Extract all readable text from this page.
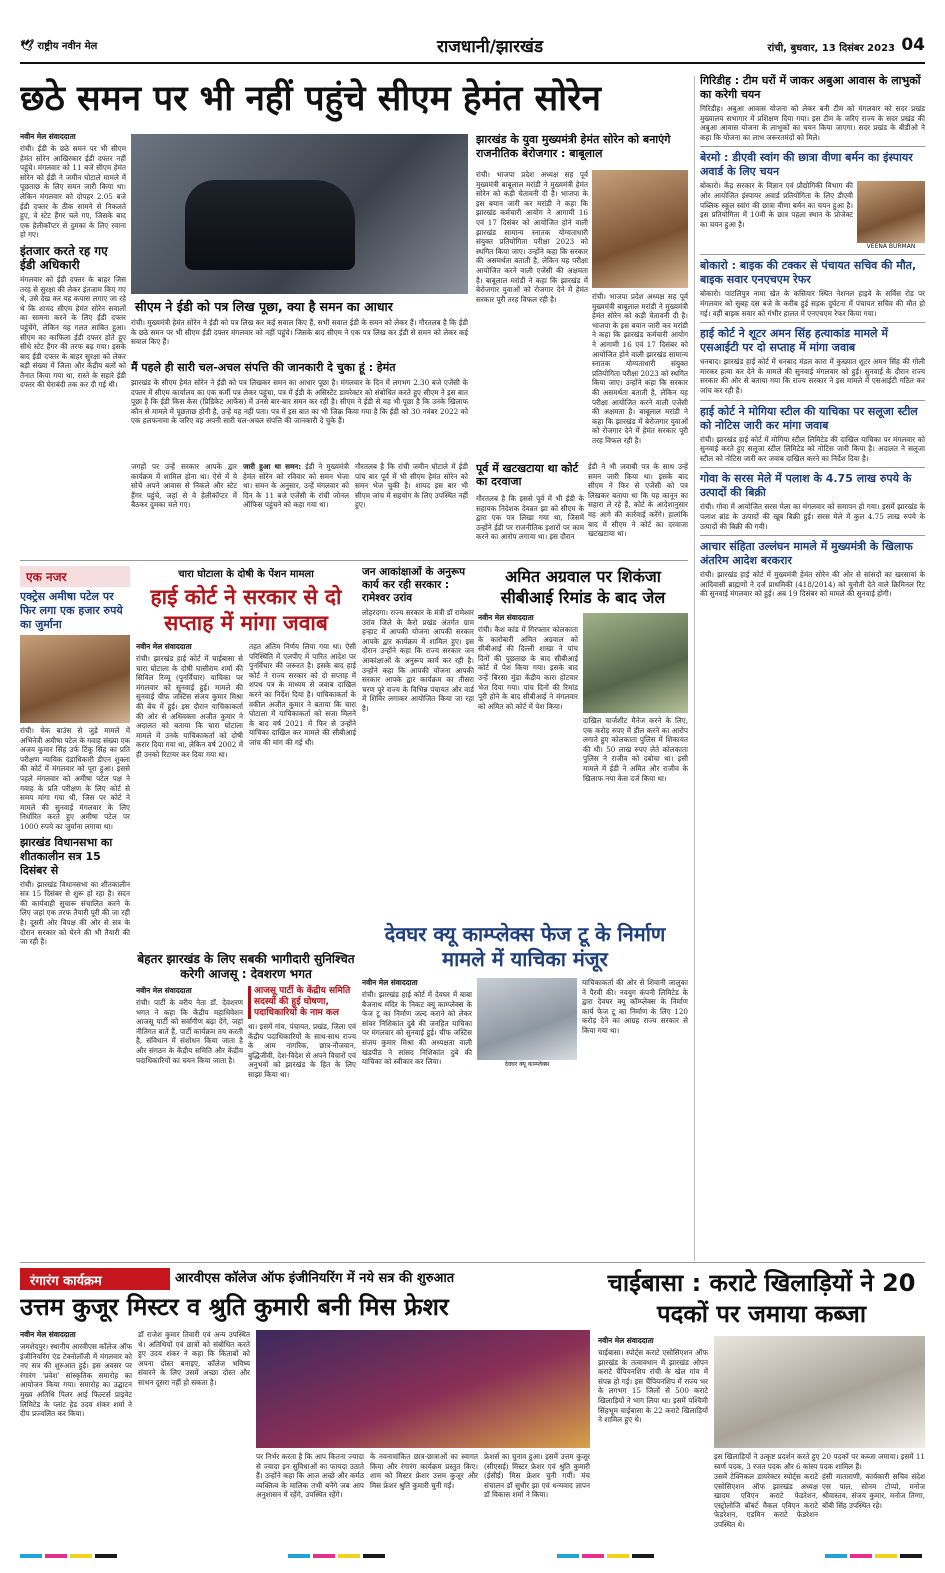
🕊 राष्ट्रीय नवीन मेल	राजधानी/झारखंड	रांची, बुधवार, 13 दिसंबर 2023 04
छठे समन पर भी नहीं पहुंचे सीएम हेमंत सोरेन
नवीन मेल संवाददाता

रांची। ईडी के छठे समन पर भी सीएम हेमंत सोरेन आखिरकार ईडी दफ्तर नहीं पहुंचे। मंगलवार को 11 बजे सीएम हेमंत सोरेन को ईडी ने जमीन घोटाले मामले में पूछताछ के लिए समन जारी किया था। लेकिन मंगलवार को दोपहर 2.05 बजे ईडी दफ्तर के ठीक सामने से निकलते हुए, वे स्टेट हैंगर चले गए, जिसके बाद एक हेलीकॉप्टर से दुमका के लिए रवाना हो गए।

इंतजार करते रह गए ईडी अधिकारी

मंगलवार को ईडी दफ्तर के बाहर जिस तरह से सुरक्षा की लेकर इंतजाम किए गए थे, उसे देख कर यह कयास लगाए जा रहे थे कि शायद सीएम हेमंत सोरेन सवालों का सामना करने के लिए ईडी दफ्तर पहुंचेंगे, लेकिन यह गलत साबित हुआ। सीएम का काफिला ईडी दफ्तर होते हुए सीधे स्टेट हैंगर की तरफ बढ़ गया। इसके बाद ईडी दफ्तर के बाहर सुरक्षा को लेकर बड़ी संख्या में जिला और केंद्रीय बलों को तैनात किया गया था, रास्ते के सहारे ईडी दफ्तर की घेराबंदी तक कर दी गई थी।

सीएम ने ईडी को पत्र लिख पूछा, क्या है समन का आधार
रांची। मुख्यमंत्री हेमंत सोरेन ने ईडी को पत्र लिख कर कई सवाल किए हैं, सभी सवाल ईडी के समन को लेकर हैं। गौरतलब है कि ईडी के छठे समन पर भी सीएम ईडी दफ्तर मंगलवार को नहीं पहुंचे। जिसके बाद सीएम ने एक पत्र लिख कर ईडी से समन को लेकर कई सवाल किए हैं।
मैं पहले ही सारी चल-अचल संपत्ति की जानकारी दे चुका हूं : हेमंत
झारखंड के सीएम हेमंत सोरेन ने ईडी को पत्र लिखकर समन का आधार पूछा है। मंगलवार के दिन में लगभग 2.30 बजे एजेंसी के दफ्तर में सीएम कार्यालय का एक कर्मी पत्र लेकर पहुंचा, पत्र में ईडी के असिस्टेंट डायरेक्टर को संबोधित करते हुए सीएम ने इस बात पूछा है कि ईडी किस केस (प्रिडिकेट आफेंस) में उनसे बार-बार समन कर रही है। सीएम ने ईडी से यह भी पूछा है कि उनके खिलाफ कौन से मामले में पूछताछ होनी है, उन्हें यह नहीं पता। पत्र में इस बात का भी जिक्र किया गया है कि ईडी को 30 नवंबर 2022 को एक हलफनामा के जरिए वह अपनी सारी चल-अचल संपत्ति की जानकारी दे चुके हैं।
जगहों पर उन्हें सरकार आपके द्वार कार्यक्रम में शामिल होना था। ऐसे में ये सोचें अपने आवास से निकले और स्टेट हैंगर पहुंचे, जहां से वे हेलीकॉप्टर में बैठकर दुमका चले गए।
जारी हुआ था समन: ईडी ने मुख्यमंत्री हेमंत सोरेन को रविवार को समन भेजा था। समन के अनुसार, उन्हें मंगलवार को दिन के 11 बजे एजेंसी के रांची जोनल ऑफिस पहुंचने को कहा गया था।
गौरतलब है कि रांची जमीन घोटाले में ईडी पांच बार पूर्व में भी सीएम हेमंत सोरेन को समन भेज चुकी है। शायद इस बार भी सीएम जांच में सहयोग के लिए उपस्थित नहीं हुए।
झारखंड के युवा मुख्यमंत्री हेमंत सोरेन को बनाएंगे राजनीतिक बेरोजगार : बाबूलाल
रांची। भाजपा प्रदेश अध्यक्ष सह पूर्व मुख्यमंत्री बाबूलाल मरांडी ने मुख्यमंत्री हेमंत सोरेन को कड़ी चेतावनी दी है। भाजपा के इस बयान जारी कर मरांडी ने कहा कि झारखंड कर्मचारी आयोग ने आगामी 16 एवं 17 दिसंबर को आयोजित होने वाली झारखंड सामान्य स्नातक योग्यताधारी संयुक्त प्रतियोगिता परीक्षा 2023 को स्थगित किया जाए। उन्होंने कहा कि सरकार की असमर्थता बताती है, लेकिन यह परीक्षा आयोजित करने वाली एजेंसी की अक्षमता है। बाबूलाल मरांडी ने कहा कि झारखंड में बेरोजगार युवाओं को रोजगार देने में हेमंत सरकार पूरी तरह विफल रही है।	रांची। भाजपा प्रदेश अध्यक्ष सह पूर्व मुख्यमंत्री बाबूलाल मरांडी ने मुख्यमंत्री हेमंत सोरेन को कड़ी चेतावनी दी है। भाजपा के इस बयान जारी कर मरांडी ने कहा कि झारखंड कर्मचारी आयोग ने आगामी 16 एवं 17 दिसंबर को आयोजित होने वाली झारखंड सामान्य स्नातक योग्यताधारी संयुक्त प्रतियोगिता परीक्षा 2023 को स्थगित किया जाए। उन्होंने कहा कि सरकार की असमर्थता बताती है, लेकिन यह परीक्षा आयोजित करने वाली एजेंसी की अक्षमता है। बाबूलाल मरांडी ने कहा कि झारखंड में बेरोजगार युवाओं को रोजगार देने में हेमंत सरकार पूरी तरह विफल रही है।
पूर्व में खटखटाया था कोर्ट का दरवाजा
गौरतलब है कि इससे पूर्व में भी ईडी के सहायक निदेशक देवव्रत झा को सीएम के द्वारा एक पत्र लिखा गया था, जिसमें उन्होंने ईडी पर राजनीतिक इशारों पर काम करने का आरोप लगाया था। इस दौरान
ईडी ने भी जवाबी पत्र के साथ उन्हें समन जारी किया था। इसके बाद सीएम ने फिर से एजेंसी को पत्र लिखकर बताया था कि यह कानून का सहारा ले रहे हैं, कोर्ट के आदेशानुसार वह आगे की कार्रवाई करेंगे। हालांकि बाद में सीएम ने कोर्ट का दरवाजा खटखटाया था।
गिरिडीह : टीम घरों में जाकर अबुआ आवास के लाभुकों का करेगी चयन

गिरिडीह। अबुआ आवास योजना को लेकर बनी टीम को मंगलवार को सदर प्रखंड मुख्यालय सभागार में प्रशिक्षण दिया गया। इस टीम के जरिए राज्य के सदर प्रखंड की अबुआ आवास योजना के लाभुकों का चयन किया जाएगा। सदर प्रखंड के बीडीओ ने कहा कि योजना का लाभ जरूरतमंदों को मिले।

बेरमो : डीएवी स्वांग की छात्रा वीणा बर्मन का इंस्पायर अवार्ड के लिए चयन

बोकारो। केंद्र सरकार के विज्ञान एवं प्रौद्योगिकी विभाग की ओर आयोजित इंस्पायर अवार्ड प्रतियोगिता के लिए डीएवी पब्लिक स्कूल स्वांग की छात्रा वीणा बर्मन का चयन हुआ है। इस प्रतियोगिता में 10वीं के छात्र पहला स्थान के प्रोजेक्ट का चयन हुआ है।

VEENA BURMAN
बोकारो : बाइक की टक्कर से पंचायत सचिव की मौत, बाइक सवार एनएचएम रेफर

बोकारो। पाटलिपुत्र नामा खेत के कसियार स्थित नेशनल हाइवे के सर्विस रोड पर मंगलवार को सुबह दस बजे के करीब हुई सड़क दुर्घटना में पंचायत सचिव की मौत हो गई। वहीं बाइक सवार को गंभीर हालत में एनएचएम रेफर किया गया।

हाई कोर्ट ने शूटर अमन सिंह हत्याकांड मामले में एसआईटी पर दो सप्ताह में मांगा जवाब

धनबाद। झारखंड हाई कोर्ट में धनबाद मंडल कारा में कुख्यात शूटर अमन सिंह की गोली मारकर हत्या कर देने के मामले की सुनवाई मंगलवार को हुई। सुनवाई के दौरान राज्य सरकार की ओर से बताया गया कि राज्य सरकार ने इस मामले में एसआईटी गठित कर जांच कर रही है।

हाई कोर्ट ने मोगिया स्टील की याचिका पर सलूजा स्टील को नोटिस जारी कर मांगा जवाब

रांची। झारखंड हाई कोर्ट में मोगिया स्टील लिमिटेड की दाखिल याचिका पर मंगलवार को सुनवाई करते हुए सलूजा स्टील लिमिटेड को नोटिस जारी किया है। अदालत ने सलूजा स्टील को नोटिस जारी कर जवाब दाखिल करने का निर्देश दिया है।

गोवा के सरस मेले में पलाश के 4.75 लाख रुपये के उत्पादों की बिक्री

रांची। गोवा में आयोजित सरस मेला का मंगलवार को समापन हो गया। इसमें झारखंड के पलाश ब्रांड के उत्पादों की खूब बिक्री हुई। सरस मेले में कुल 4.75 लाख रुपये के उत्पादों की बिक्री की गयी।

आचार संहिता उल्लंघन मामले में मुख्यमंत्री के खिलाफ अंतरिम आदेश बरकरार

रांची। झारखंड हाई कोर्ट में मुख्यमंत्री हेमंत सोरेन की ओर से सांसदों का खरसावां के आदिवासी ब्राह्मणों ने दर्ज प्राथमिकी (418/2014) को चुनौती देते वाले क्रिमिनल रिट की सुनवाई मंगलवार को हुई। अब 19 दिसंबर को मामले की सुनवाई होगी।

एक नजर
एक्ट्रेस अमीषा पटेल पर फिर लगा एक हजार रुपये का जुर्माना

रांची। चेक बाउंस से जुड़े मामले में अभिनेत्री अमीषा पटेल के गवाह संख्या एक अजय कुमार सिंह उर्फ टिंकू सिंह का प्रति परीक्षण न्यायिक दंडाधिकारी डीएन शुक्ला की कोर्ट में मंगलवार को पूरा हुआ। इससे पहले मंगलवार को अमीषा पटेल पक्ष ने गवाह के प्रति परीक्षण के लिए कोर्ट से समय मांगा गया थी, जिस पर कोर्ट ने मामले की सुनवाई मंगलवार के लिए निर्धारित करते हुए अमीषा पटेल पर 1000 रुपये का जुर्माना लगाया था।

झारखंड विधानसभा का शीतकालीन सत्र 15 दिसंबर से

रांची। झारखंड विधानसभा का शीतकालीन सत्र 15 दिसंबर से शुरू हो रहा है। सदन की कार्यवाही सुचारू संचालित करने के लिए जहां एक तरफ तैयारी पूरी की जा रही है। दूसरी ओर विपक्ष की ओर से सत्र के दौरान सरकार को घेरने की भी तैयारी की जा रही है।

चारा घोटाला के दोषी के पेंशन मामला
हाई कोर्ट ने सरकार से दो सप्ताह में मांगा जवाब
नवीन मेल संवाददाता

रांची। झारखंड हाई कोर्ट में चाईबासा से चारा घोटाला के दोषी घासीराम शर्मा की सिविल रिव्यू (पुनर्विचार) याचिका पर मंगलवार को सुनवाई हुई। मामले की सुनवाई चीफ जस्टिस संजय कुमार मिश्रा की बेंच में हुई। इस दौरान याचिकाकर्ता की ओर से अधिवक्ता अजीत कुमार ने अदालत को बताया कि चारा घोटाला मामले में उनके याचिकाकर्ता को दोषी करार दिया गया था, लेकिन वर्ष 2002 में ही उनको रिटायर कर दिया गया था।

तहत अंतिम निर्णय लिया गया था। ऐसी परिस्थिति में एलपीए में पारित आदेश पर पुनर्विचार की जरूरत है। इसके बाद हाई कोर्ट ने राज्य सरकार को दो सप्ताह में शपथ पत्र के माध्यम से जवाब दाखिल करने का निर्देश दिया है। याचिकाकर्ता के वकील अजीत कुमार ने बताया कि चारा घोटाला में याचिकाकर्ता को सजा मिलने के बाद वर्ष 2021 में फिर से उन्होंने याचिका दाखिल कर मामले की सीबीआई जांच की मांग की गई थी।

जन आकांक्षाओं के अनुरूप कार्य कर रही सरकार : रामेश्वर उरांव

लोहरदगा। राज्य सरकार के मंत्री डॉ रामेश्वर उरांव जिले के कैरो प्रखंड अंतर्गत ग्राम हन्हाट में आपकी योजना आपकी सरकार आपके द्वार कार्यक्रम में शामिल हुए। इस दौरान उन्होंने कहा कि राज्य सरकार जन आकांक्षाओं के अनुरूप कार्य कर रही है। उन्होंने कहा कि आपकी योजना आपकी सरकार आपके द्वार कार्यक्रम का तीसरा चरण पूरे राज्य के विभिन्न पंचायत और वार्ड में शिविर लगाकर आयोजित किया जा रहा है।

अमित अग्रवाल पर शिकंजा सीबीआई रिमांड के बाद जेल
नवीन मेल संवाददाता

रांची। कैश कांड में गिरफ्तार कोलकाता के कारोबारी अमित अग्रवाल को सीबीआई की दिल्ली शाखा ने पांच दिनों की पूछताछ के बाद सीबीआई कोर्ट में पेश किया गया। इसके बाद उन्हें बिरसा मुंडा केंद्रीय कारा होटवार भेज दिया गया। पांच दिनों की रिमांड पूरी होने के बाद सीबीआई ने मंगलवार को अमित को कोर्ट में पेश किया।

दाखिल चार्जशीट मैनेज करने के लिए, एक करोड़ रुपए में डील करने का आरोप लगाते हुए कोलकाता पुलिस में शिकायत की थी। 50 लाख रुपए लेते कोलकाता पुलिस ने राजीव को दबोचा था। इसी मामले में ईडी ने अमित और राजीव के खिलाफ नया केस दर्ज किया था।

देवघर क्यू काम्प्लेक्स फेज टू के निर्माण मामले में याचिका मंजूर
नवीन मेल संवाददाता

रांची। झारखंड हाई कोर्ट में देवघर में बाबा बैजनाथ मंदिर के निकट क्यू काम्प्लेक्स के फेज टू का निर्माण जल्द कराने को लेकर सांवर निशिकांत दुबे की जनहित याचिका पर मंगलवार को सुनवाई हुई। चीफ जस्टिस संजय कुमार मिश्रा की अध्यक्षता वाली खंडपीठ ने सांसद निशिकांत दुबे की याचिका को स्वीकार कर लिया।	देवघर क्यू काम्प्लेक्स

याचिकाकर्ता की ओर से शिवानी जालुका ने पैरवी की। नवयुग कंपनी लिमिटेड के द्वारा देवघर क्यू कॉम्प्लेक्स के निर्माण कार्य फेज टू का निर्माण के लिए 120 करोड़ देने का आग्रह राज्य सरकार से किया गया था।

बेहतर झारखंड के लिए सबकी भागीदारी सुनिश्चित करेगी आजसू : देवशरण भगत
नवीन मेल संवाददाता

रांची। पार्टी के वरीय नेता डॉ. देवशरण भगत ने कहा कि केंद्रीय महाधिवेशन आजसू पार्टी को सर्वांगीण बढ़ा देंगे, जहां नीतिगत बातें हैं, पार्टी कार्यक्रम तय करती है, संविधान में संशोधन किया जाता है और संगठन के केंद्रीय समिति और केंद्रीय पदाधिकारियों का चयन किया जाता है।

आजसू पार्टी के केंद्रीय समिति सदस्यों की हुई घोषणा, पदाधिकारियों के नाम कल

था। इसमें गांव, पंचायत, प्रखंड, जिला एवं केंद्रीय पदाधिकारियों के साथ-साथ राज्य के आम नागरिक, छात्र-नौजवान, बुद्धिजीवी, देश-विदेश से अपने विचारों एवं अनुभवों को झारखंड के हित के लिए साझा किया था।

रंगारंग कार्यक्रम	आरवीएस कॉलेज ऑफ इंजीनियरिंग में नये सत्र की शुरुआत
उत्तम कुजूर मिस्टर व श्रुति कुमारी बनी मिस फ्रेशर
नवीन मेल संवाददाता

जमशेदपुर। स्थानीय आरवीएस कॉलेज ऑफ इंजीनियरिंग एंड टेक्नोलॉजी में मंगलवार को नए सत्र की शुरुआत हुई। इस अवसर पर रंगारंग 'प्रवेश' सांस्कृतिक समारोह का आयोजन किया गया। समारोह का उद्घाटन मुख्य अतिथि पिलर आई फिल्टर्स प्राइवेट लिमिटेड के प्लांट हेड उदय शंकर शर्मा ने दीप प्रज्वलित कर किया।

डॉ राजेश कुमार तिवारी एवं अन्य उपस्थित थे। अतिथियों एवं छात्रों को संबोधित करते हुए उदय शंकर ने कहा कि किताबों को अपना दोस्त बनाइए, कॉलेज भविष्य संवारने के लिए उसमें अच्छा दोस्त और साथन दूसरा नहीं हो सकता है।

पर निर्भर करता है कि आप कितना ज्यादा से ज्यादा इन सुविधाओं का फायदा उठाते हैं। उन्होंने कहा कि आज अच्छे और कर्मठ व्यक्तित्व के मालिक तभी बनेंगे जब आप अनुशासन में रहेंगे, उपस्थित रहेंगे।
के नवनामांकित छात्र-छात्राओं का स्वागत किया और रंगारंग कार्यक्रम प्रस्तुत किए। शाम को मिस्टर फ्रेशर उत्तम कुजूर और मिस फ्रेशर श्रुति कुमारी चुनी गईं।
फ्रेशर्स का चुनाव हुआ। इसमें उत्तम कुजूर (सीएसई) मिस्टर फ्रेशर एवं श्रुति कुमारी (ईसीई) मिस फ्रेशर चुनी गयीं। मंच संचालन डॉ सुधीर झा एवं धन्यवाद ज्ञापन डॉ विकास शर्मा ने किया।
चाईबासा : कराटे खिलाड़ियों ने 20 पदकों पर जमाया कब्जा
नवीन मेल संवाददाता

चाईबासा। स्पोर्ट्स कराटे एसोसिएशन ऑफ झारखंड के तत्वावधान में झारखंड ओपन कराटे चैंपियनशिप रांची के खेल गांव में संपन्न हो गई। इस चैंपियनशिप में राज्य भर के लगभग 15 जिलों से 500 कराटे खिलाड़ियों ने भाग लिया था। इसमें पश्चिमी सिंहभूम चाईबासा के 22 कराटे खिलाड़ियों ने शामिल हुए थे।

इस खिलाड़ियों ने उत्कृष्ट प्रदर्शन करते हुए 20 पदकों पर कब्जा जमाया। इसमें 11 स्वर्ण पदक, 3 रजत पदक और 6 कांस्य पदक शामिल हैं।
उसमें टेक्निकल डायरेक्टर स्पोर्ट्स कराटे एसोसिएशन ऑफ झारखंड अध्यक्ष खादम एविएन कराटे फेडरेशन, एस्ट्रोलोजि बॉबर्ट मैकल एविएन कराटे फेडरेशन, एडमिन कराटे फेडरेशन उपस्थित थे।
हंसी माताराणी, कार्यकारी सचिव संदेश एस पाल, सोनम टोप्पो, मनोज श्रीवास्तव, संजय कुमार, मनोज तिग्गा, बॉबी सिंह उपस्थित रहे।
